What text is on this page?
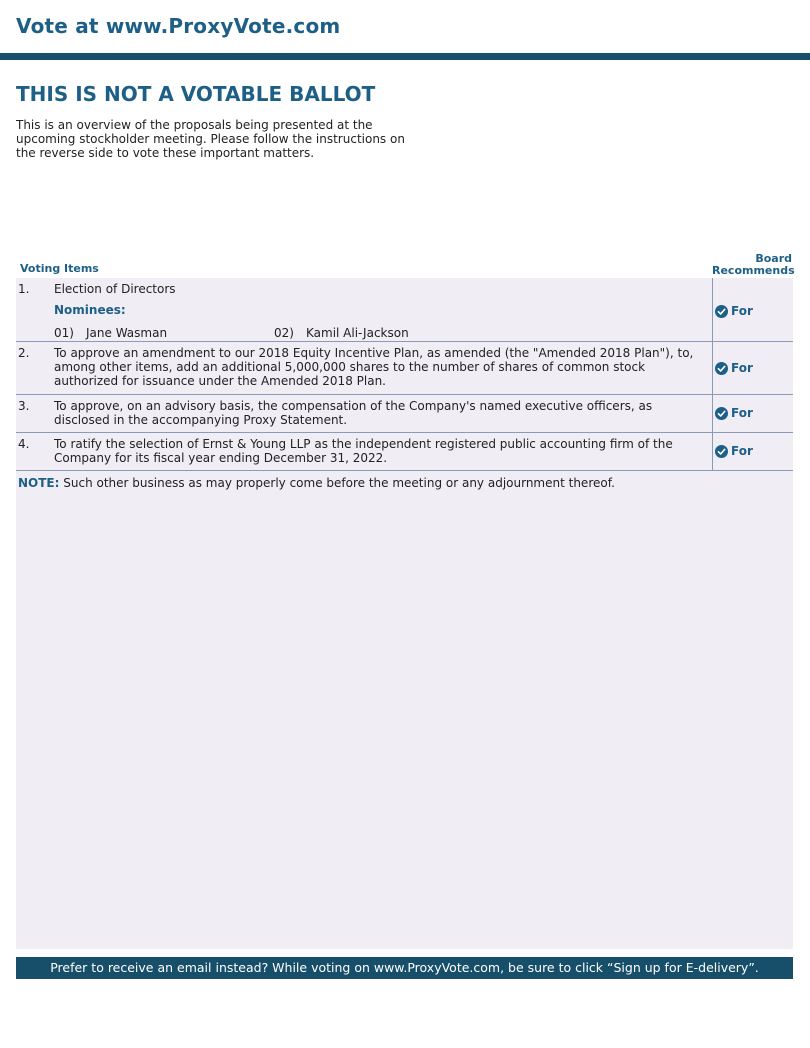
Vote at www.ProxyVote.com
THIS IS NOT A VOTABLE BALLOT
This is an overview of the proposals being presented at the upcoming stockholder meeting. Please follow the instructions on the reverse side to vote these important matters.
Voting Items
Board
Recommends
1. Election of Directors
Nominees:
01) Jane Wasman	02) Kamil Ali-Jackson
For
2. To approve an amendment to our 2018 Equity Incentive Plan, as amended (the "Amended 2018 Plan"), to, among other items, add an additional 5,000,000 shares to the number of shares of common stock authorized for issuance under the Amended 2018 Plan.
For
3. To approve, on an advisory basis, the compensation of the Company's named executive officers, as disclosed in the accompanying Proxy Statement.	For
4. To ratify the selection of Ernst & Young LLP as the independent registered public accounting firm of the Company for its fiscal year ending December 31, 2022.	For
NOTE: Such other business as may properly come before the meeting or any adjournment thereof.
Prefer to receive an email instead? While voting on www.ProxyVote.com, be sure to click “Sign up for E-delivery”.
